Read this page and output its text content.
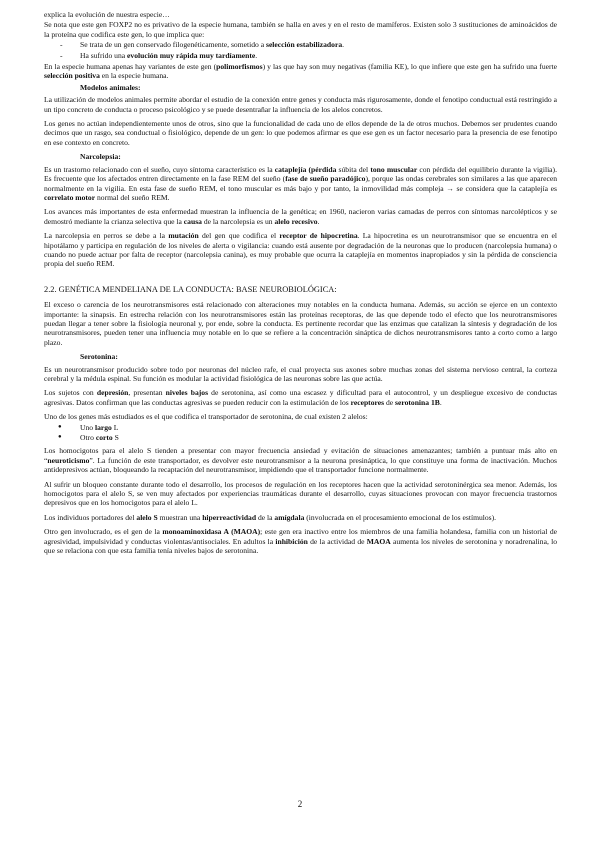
explica la evolución de nuestra especie…

Se nota que este gen FOXP2 no es privativo de la especie humana, también se halla en aves y en el resto de mamíferos. Existen solo 3 sustituciones de aminoácidos de la proteína que codifica este gen, lo que implica que:

- Se trata de un gen conservado filogenéticamente, sometido a selección estabilizadora.
- Ha sufrido una evolución muy rápida muy tardíamente.

En la especie humana apenas hay variantes de este gen (polimorfismos) y las que hay son muy negativas (familia KE), lo que infiere que este gen ha sufrido una fuerte selección positiva en la especie humana.

Modelos animales:

La utilización de modelos animales permite abordar el estudio de la conexión entre genes y conducta más rigurosamente, donde el fenotipo conductual está restringido a un tipo concreto de conducta o proceso psicológico y se puede desentrañar la influencia de los alelos concretos.

Los genes no actúan independientemente unos de otros, sino que la funcionalidad de cada uno de ellos depende de la de otros muchos. Debemos ser prudentes cuando decimos que un rasgo, sea conductual o fisiológico, depende de un gen: lo que podemos afirmar es que ese gen es un factor necesario para la presencia de ese fenotipo en ese contexto en concreto.

Narcolepsia:

Es un trastorno relacionado con el sueño, cuyo síntoma característico es la cataplejía (pérdida súbita del tono muscular con pérdida del equilibrio durante la vigilia). Es frecuente que los afectados entren directamente en la fase REM del sueño (fase de sueño paradójico), porque las ondas cerebrales son similares a las que aparecen normalmente en la vigilia. En esta fase de sueño REM, el tono muscular es más bajo y por tanto, la inmovilidad más compleja → se considera que la cataplejía es correlato motor normal del sueño REM.

Los avances más importantes de esta enfermedad muestran la influencia de la genética; en 1960, nacieron varias camadas de perros con síntomas narcolépticos y se demostró mediante la crianza selectiva que la causa de la narcolepsia es un alelo recesivo.

La narcolepsia en perros se debe a la mutación del gen que codifica el receptor de hipocretina. La hipocretina es un neurotransmisor que se encuentra en el hipotálamo y participa en regulación de los niveles de alerta o vigilancia: cuando está ausente por degradación de la neuronas que lo producen (narcolepsia humana) o cuando no puede actuar por falta de receptor (narcolepsia canina), es muy probable que ocurra la cataplejía en momentos inapropiados y sin la pérdida de consciencia propia del sueño REM.

2.2. GENÉTICA MENDELIANA DE LA CONDUCTA: BASE NEUROBIOLÓGICA:

El exceso o carencia de los neurotransmisores está relacionado con alteraciones muy notables en la conducta humana. Además, su acción se ejerce en un contexto importante: la sinapsis. En estrecha relación con los neurotransmisores están las proteínas receptoras, de las que depende todo el efecto que los neurotransmisores puedan llegar a tener sobre la fisiología neuronal y, por ende, sobre la conducta. Es pertinente recordar que las enzimas que catalizan la síntesis y degradación de los neurotransmisores, pueden tener una influencia muy notable en lo que se refiere a la concentración sináptica de dichos neurotransmisores tanto a corto como a largo plazo.

Serotonina:

Es un neurotransmisor producido sobre todo por neuronas del núcleo rafe, el cual proyecta sus axones sobre muchas zonas del sistema nervioso central, la corteza cerebral y la médula espinal. Su función es modular la actividad fisiológica de las neuronas sobre las que actúa.

Los sujetos con depresión, presentan niveles bajos de serotonina, así como una escasez y dificultad para el autocontrol, y un despliegue excesivo de conductas agresivas. Datos confirman que las conductas agresivas se pueden reducir con la estimulación de los receptores de serotonina 1B.

Uno de los genes más estudiados es el que codifica el transportador de serotonina, de cual existen 2 alelos:

● Uno largo L
● Otro corto S

Los homocigotos para el alelo S tienden a presentar con mayor frecuencia ansiedad y evitación de situaciones amenazantes; también a puntuar más alto en “neuroticismo”. La función de este transportador, es devolver este neurotransmisor a la neurona presináptica, lo que constituye una forma de inactivación. Muchos antidepresivos actúan, bloqueando la recaptación del neurotransmisor, impidiendo que el transportador funcione normalmente.

Al sufrir un bloqueo constante durante todo el desarrollo, los procesos de regulación en los receptores hacen que la actividad serotoninérgica sea menor. Además, los homocigotos para el alelo S, se ven muy afectados por experiencias traumáticas durante el desarrollo, cuyas situaciones provocan con mayor frecuencia trastornos depresivos que en los homocigotos para el alelo L.

Los individuos portadores del alelo S muestran una hiperreactividad de la amígdala (involucrada en el procesamiento emocional de los estímulos).

Otro gen involucrado, es el gen de la monoaminoxidasa A (MAOA); este gen era inactivo entre los miembros de una familia holandesa, familia con un historial de agresividad, impulsividad y conductas violentas/antisociales. En adultos la inhibición de la actividad de MAOA aumenta los niveles de serotonina y noradrenalina, lo que se relaciona con que esta familia tenía niveles bajos de serotonina.

2
